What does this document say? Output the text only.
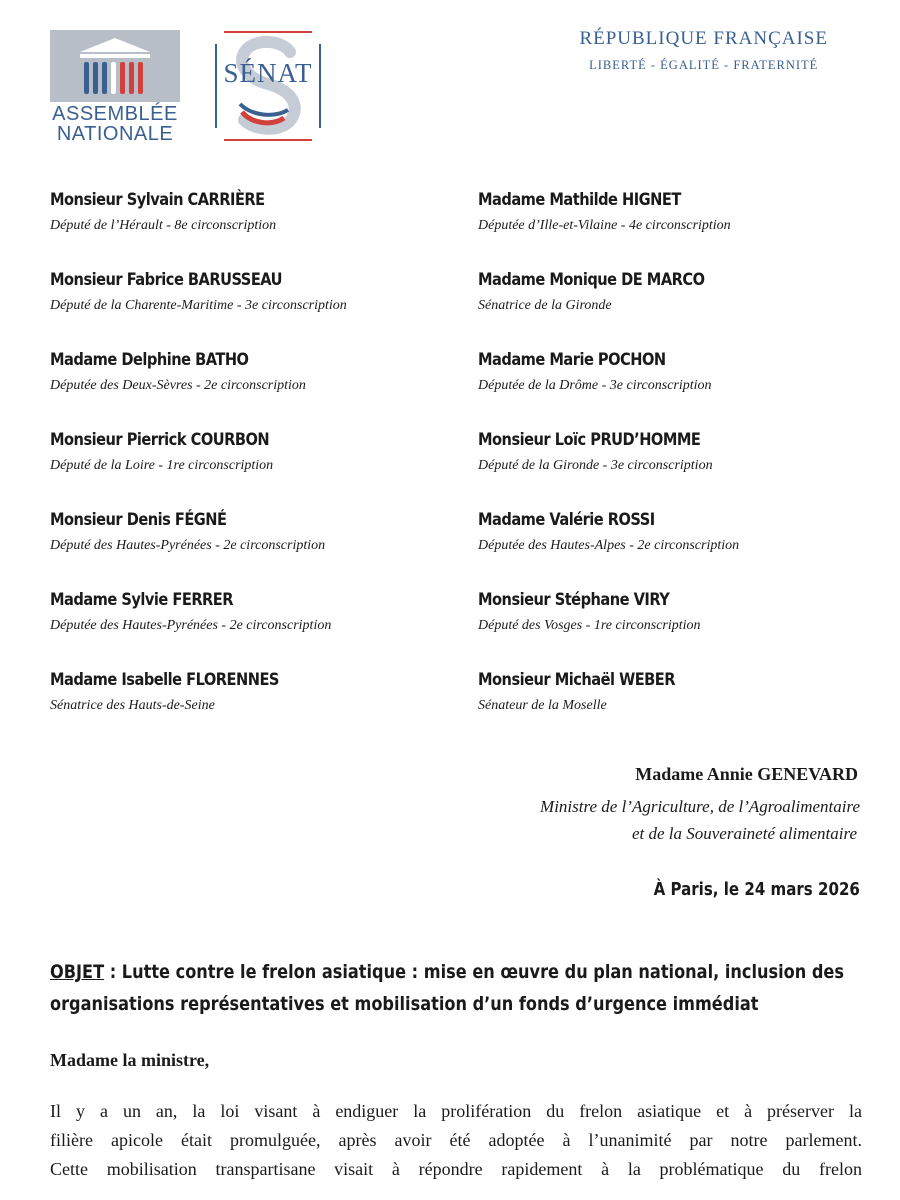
ASSEMBLÉE
NATIONALE
SÉNAT
RÉPUBLIQUE FRANÇAISE
LIBERTÉ - ÉGALITÉ - FRATERNITÉ
Monsieur Sylvain CARRIÈRE
Député de l’Hérault - 8e circonscription
Madame Mathilde HIGNET
Députée d’Ille-et-Vilaine - 4e circonscription
Monsieur Fabrice BARUSSEAU
Député de la Charente-Maritime - 3e circonscription
Madame Monique DE MARCO
Sénatrice de la Gironde
Madame Delphine BATHO
Députée des Deux-Sèvres - 2e circonscription
Madame Marie POCHON
Députée de la Drôme - 3e circonscription
Monsieur Pierrick COURBON
Député de la Loire - 1re circonscription
Monsieur Loïc PRUD’HOMME
Député de la Gironde - 3e circonscription
Monsieur Denis FÉGNÉ
Député des Hautes-Pyrénées - 2e circonscription
Madame Valérie ROSSI
Députée des Hautes-Alpes - 2e circonscription
Madame Sylvie FERRER
Députée des Hautes-Pyrénées - 2e circonscription
Monsieur Stéphane VIRY
Député des Vosges - 1re circonscription
Madame Isabelle FLORENNES
Sénatrice des Hauts-de-Seine
Monsieur Michaël WEBER
Sénateur de la Moselle
Madame Annie GENEVARD
Ministre de l’Agriculture, de l’Agroalimentaire
et de la Souveraineté alimentaire
À Paris, le 24 mars 2026
OBJET : Lutte contre le frelon asiatique : mise en œuvre du plan national, inclusion des
organisations représentatives et mobilisation d’un fonds d’urgence immédiat
Madame la ministre,
Il y a un an, la loi visant à endiguer la prolifération du frelon asiatique et à préserver la
filière apicole était promulguée, après avoir été adoptée à l’unanimité par notre parlement.
Cette mobilisation transpartisane visait à répondre rapidement à la problématique du frelon
